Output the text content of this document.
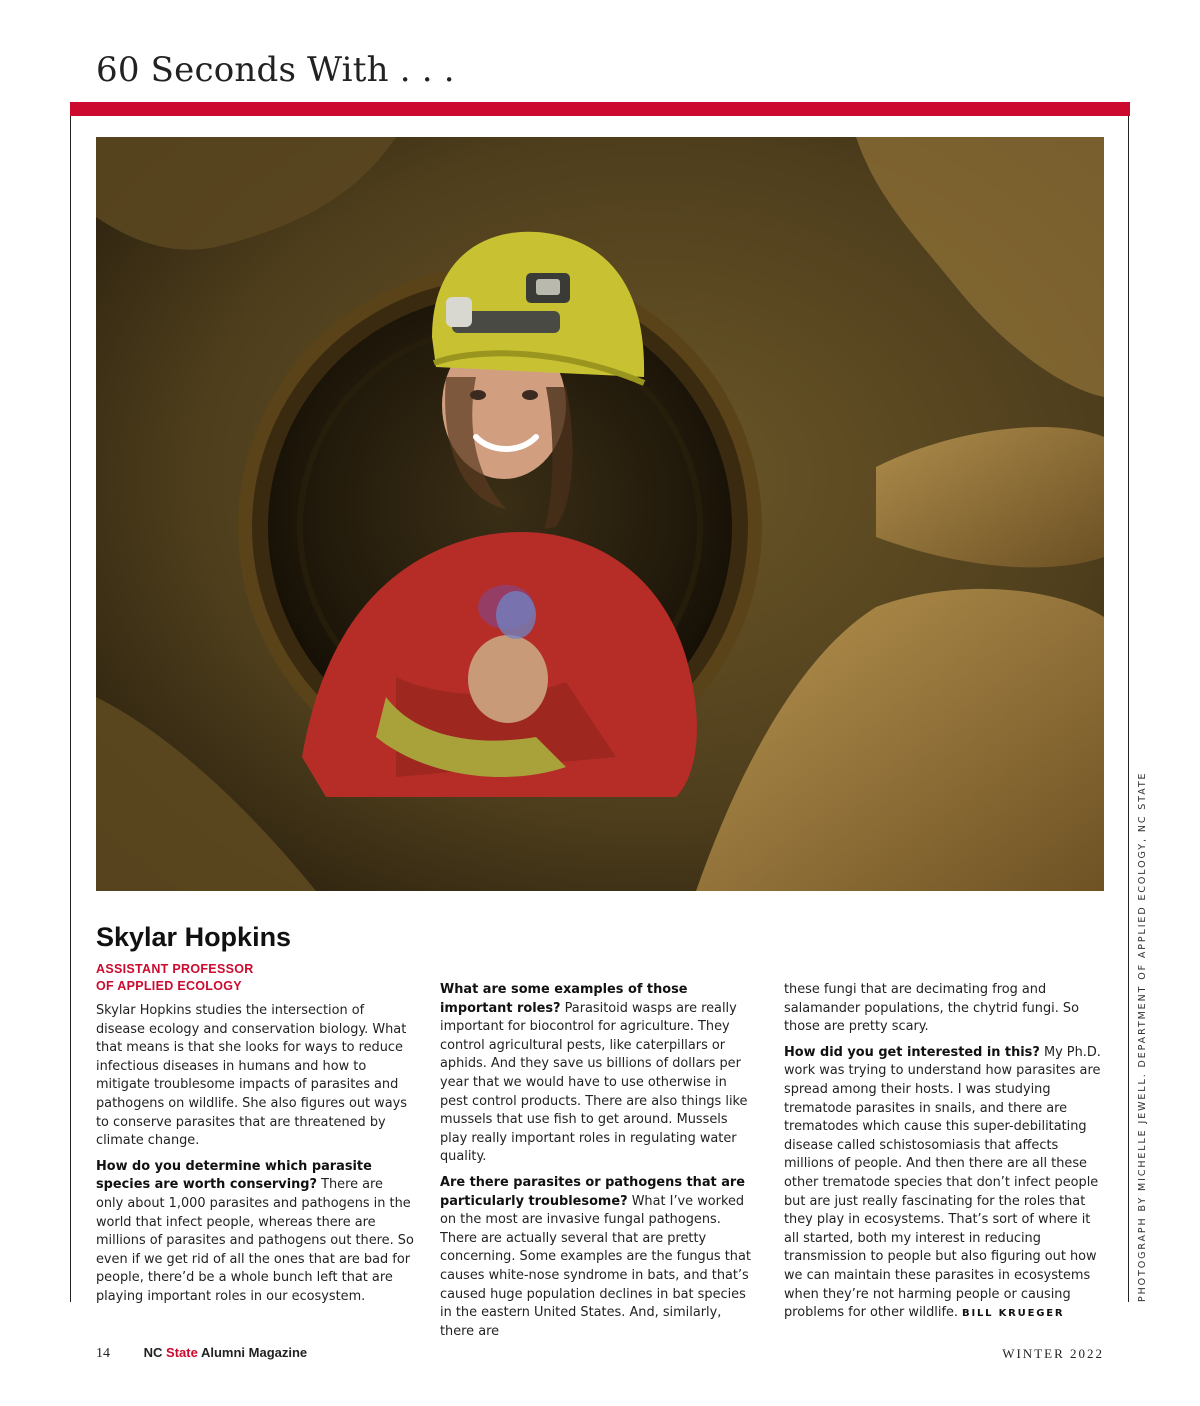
60 Seconds With . . .
PHOTOGRAPH BY MICHELLE JEWELL. DEPARTMENT OF APPLIED ECOLOGY, NC STATE
Skylar Hopkins
ASSISTANT PROFESSOR
OF APPLIED ECOLOGY

Skylar Hopkins studies the intersection of disease ecology and conservation biology. What that means is that she looks for ways to reduce infectious diseases in humans and how to mitigate troublesome impacts of parasites and pathogens on wildlife. She also figures out ways to conserve parasites that are threatened by climate change.

How do you determine which parasite species are worth conserving? There are only about 1,000 parasites and pathogens in the world that infect people, whereas there are millions of parasites and pathogens out there. So even if we get rid of all the ones that are bad for people, there’d be a whole bunch left that are playing important roles in our ecosystem.

What are some examples of those important roles? Parasitoid wasps are really important for biocontrol for agriculture. They control agricultural pests, like caterpillars or aphids. And they save us billions of dollars per year that we would have to use otherwise in pest control products. There are also things like mussels that use fish to get around. Mussels play really important roles in regulating water quality.

Are there parasites or pathogens that are particularly troublesome? What I’ve worked on the most are invasive fungal pathogens. There are actually several that are pretty concerning. Some examples are the fungus that causes white-nose syndrome in bats, and that’s caused huge population declines in bat species in the eastern United States. And, similarly, there are

these fungi that are decimating frog and salamander populations, the chytrid fungi. So those are pretty scary.

How did you get interested in this? My Ph.D. work was trying to understand how parasites are spread among their hosts. I was studying trematode parasites in snails, and there are trematodes which cause this super-debilitating disease called schistosomiasis that affects millions of people. And then there are all these other trematode species that don’t infect people but are just really fascinating for the roles that they play in ecosystems. That’s sort of where it all started, both my interest in reducing transmission to people but also figuring out how we can maintain these parasites in ecosystems when they’re not harming people or causing problems for other wildlife. BILL KRUEGER

14	NC State Alumni Magazine	WINTER 2022
